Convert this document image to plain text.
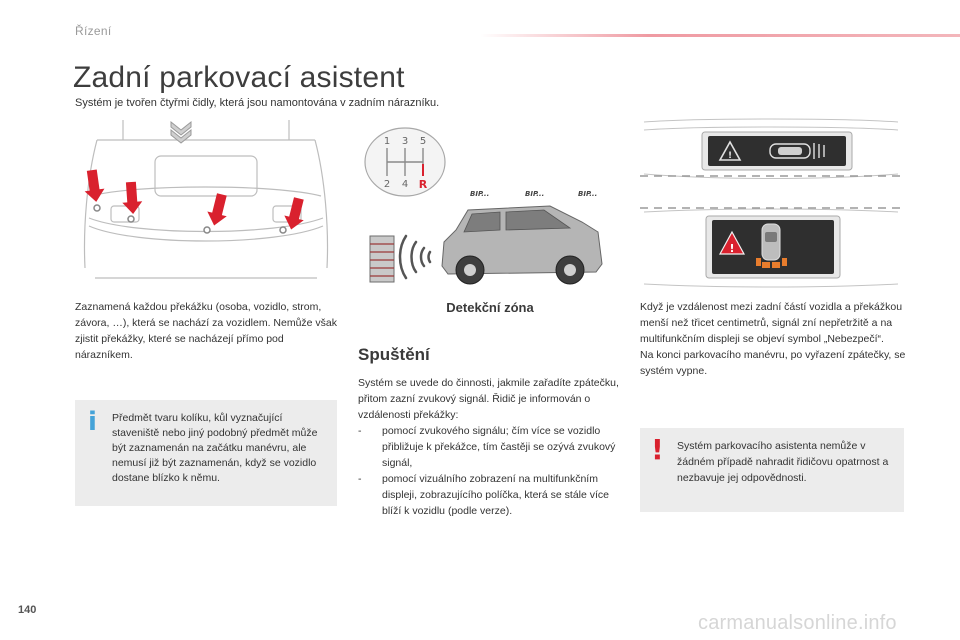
Řízení
Zadní parkovací asistent

Systém je tvořen čtyřmi čidly, která jsou namontována v zadním nárazníku.

1 3 5
2 4 R
BIP...	BIP...	BIP...
!
!

Zaznamená každou překážku (osoba, vozidlo, strom, závora, …), která se nachází za vozidlem. Nemůže však zjistit překážky, které se nacházejí přímo pod nárazníkem.

Detekční zóna
Spuštění

Systém se uvede do činnosti, jakmile zařadíte zpátečku, přitom zazní zvukový signál. Řidič je informován o vzdálenosti překážky:

- pomocí zvukového signálu; čím více se vozidlo přibližuje k překážce, tím častěji se ozývá zvukový signál,
- pomocí vizuálního zobrazení na multifunkčním displeji, zobrazujícího políčka, která se stále více blíží k vozidlu (podle verze).

Když je vzdálenost mezi zadní částí vozidla a překážkou menší než třicet centimetrů, signál zní nepřetržitě a na multifunkčním displeji se objeví symbol „Nebezpečí“.
Na konci parkovacího manévru, po vyřazení zpátečky, se systém vypne.

i Předmět tvaru kolíku, kůl vyznačující staveniště nebo jiný podobný předmět může být zaznamenán na začátku manévru, ale nemusí již být zaznamenán, když se vozidlo dostane blízko k němu.

! Systém parkovacího asistenta nemůže v žádném případě nahradit řidičovu opatrnost a nezbavuje jej odpovědnosti.

140
carmanualsonline.info
